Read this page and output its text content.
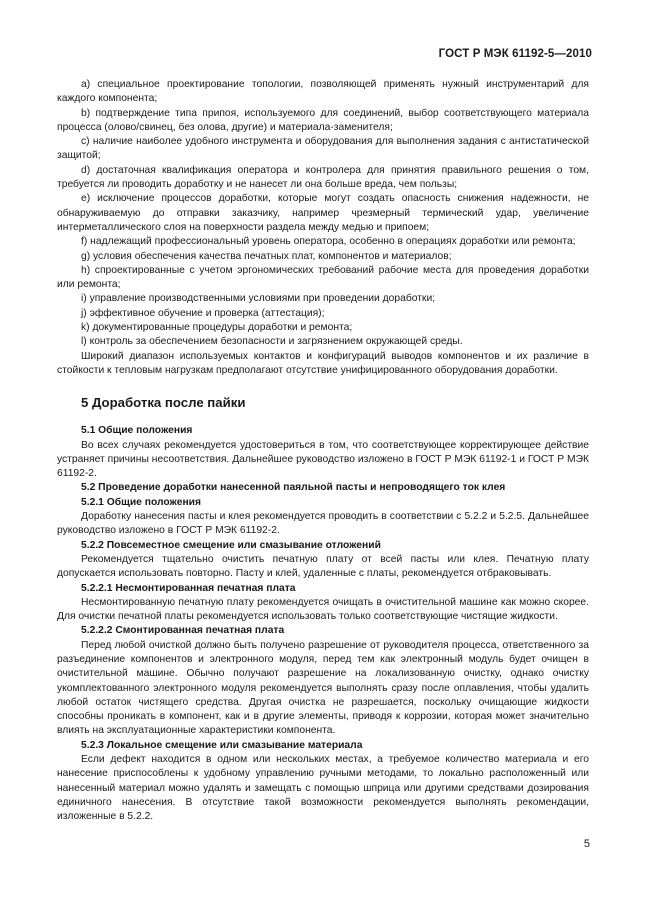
ГОСТ Р МЭК 61192-5—2010

a) специальное проектирование топологии, позволяющей применять нужный инструментарий для каждого компонента;

b) подтверждение типа припоя, используемого для соединений, выбор соответствующего материала процесса (олово/свинец, без олова, другие) и материала-заменителя;

c) наличие наиболее удобного инструмента и оборудования для выполнения задания с антистатической защитой;

d) достаточная квалификация оператора и контролера для принятия правильного решения о том, требуется ли проводить доработку и не нанесет ли она больше вреда, чем пользы;

e) исключение процессов доработки, которые могут создать опасность снижения надежности, не обнаруживаемую до отправки заказчику, например чрезмерный термический удар, увеличение интерметаллического слоя на поверхности раздела между медью и припоем;

f) надлежащий профессиональный уровень оператора, особенно в операциях доработки или ремонта;

g) условия обеспечения качества печатных плат, компонентов и материалов;

h) спроектированные с учетом эргономических требований рабочие места для проведения доработки или ремонта;

i) управление производственными условиями при проведении доработки;

j) эффективное обучение и проверка (аттестация);

k) документированные процедуры доработки и ремонта;

l) контроль за обеспечением безопасности и загрязнением окружающей среды.

Широкий диапазон используемых контактов и конфигураций выводов компонентов и их различие в стойкости к тепловым нагрузкам предполагают отсутствие унифицированного оборудования доработки.

5 Доработка после пайки
5.1 Общие положения

Во всех случаях рекомендуется удостовериться в том, что соответствующее корректирующее действие устраняет причины несоответствия. Дальнейшее руководство изложено в ГОСТ Р МЭК 61192-1 и ГОСТ Р МЭК 61192-2.

5.2 Проведение доработки нанесенной паяльной пасты и непроводящего ток клея
5.2.1 Общие положения

Доработку нанесения пасты и клея рекомендуется проводить в соответствии с 5.2.2 и 5.2.5. Дальнейшее руководство изложено в ГОСТ Р МЭК 61192-2.

5.2.2 Повсеместное смещение или смазывание отложений

Рекомендуется тщательно очистить печатную плату от всей пасты или клея. Печатную плату допускается использовать повторно. Пасту и клей, удаленные с платы, рекомендуется отбраковывать.

5.2.2.1 Несмонтированная печатная плата

Несмонтированную печатную плату рекомендуется очищать в очистительной машине как можно скорее. Для очистки печатной платы рекомендуется использовать только соответствующие чистящие жидкости.

5.2.2.2 Смонтированная печатная плата

Перед любой очисткой должно быть получено разрешение от руководителя процесса, ответственного за разъединение компонентов и электронного модуля, перед тем как электронный модуль будет очищен в очистительной машине. Обычно получают разрешение на локализованную очистку, однако очистку укомплектованного электронного модуля рекомендуется выполнять сразу после оплавления, чтобы удалить любой остаток чистящего средства. Другая очистка не разрешается, поскольку очищающие жидкости способны проникать в компонент, как и в другие элементы, приводя к коррозии, которая может значительно влиять на эксплуатационные характеристики компонента.

5.2.3 Локальное смещение или смазывание материала

Если дефект находится в одном или нескольких местах, а требуемое количество материала и его нанесение приспособлены к удобному управлению ручными методами, то локально расположенный или нанесенный материал можно удалять и замещать с помощью шприца или другими средствами дозирования единичного нанесения. В отсутствие такой возможности рекомендуется выполнять рекомендации, изложенные в 5.2.2.

5
